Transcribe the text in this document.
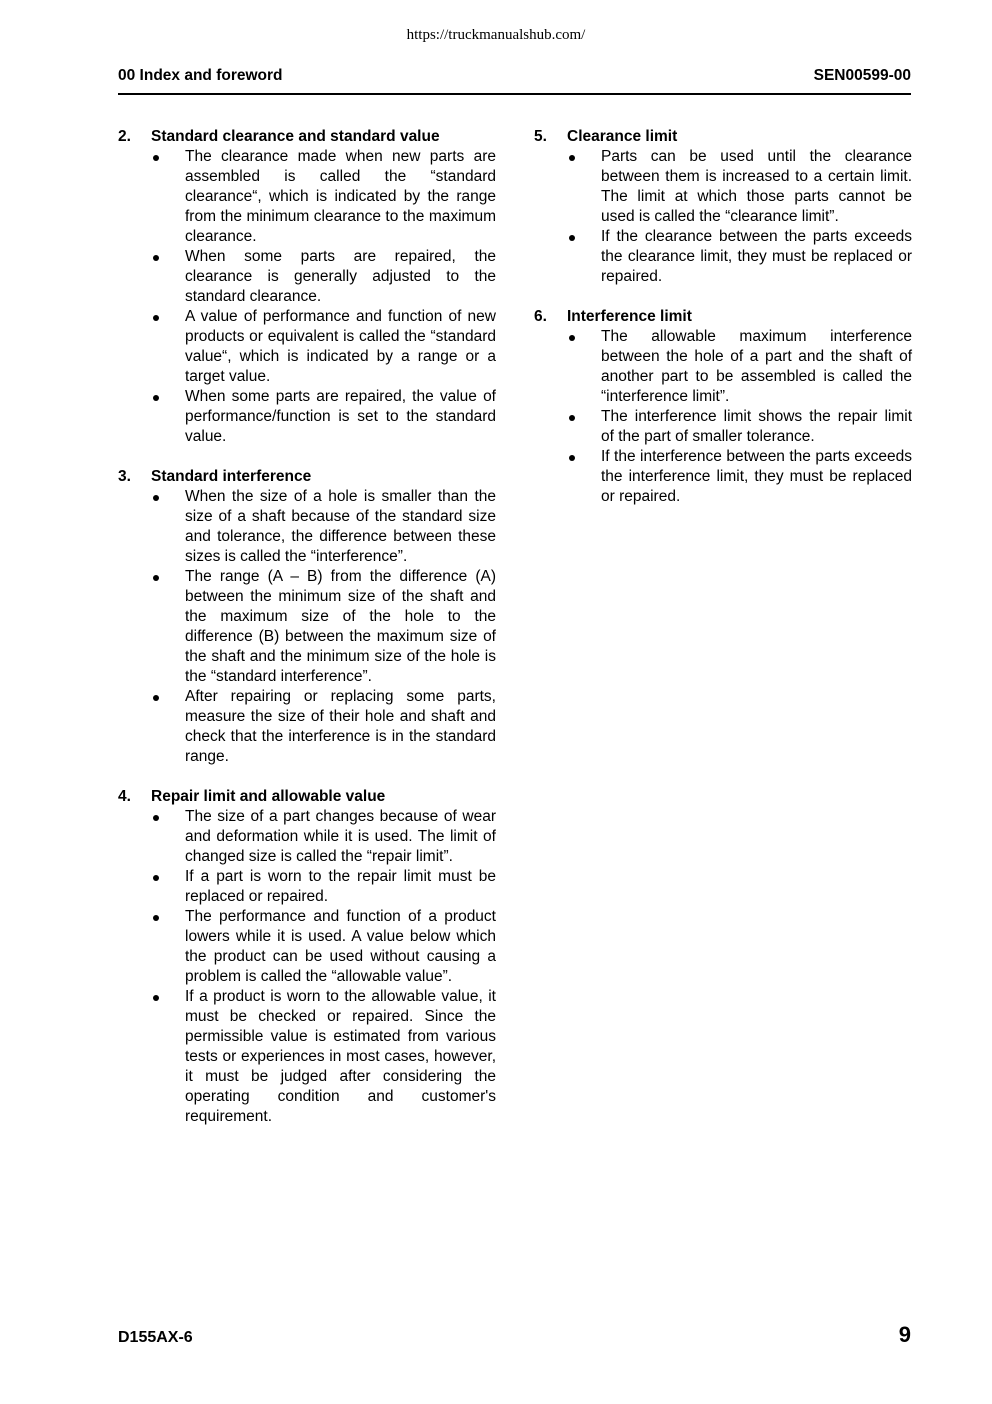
https://truckmanualshub.com/
00 Index and foreword	SEN00599-00
2.	Standard clearance and standard value
The clearance made when new parts are assembled is called the “standard clearance“, which is indicated by the range from the minimum clearance to the maximum clearance.
When some parts are repaired, the clearance is generally adjusted to the standard clearance.
A value of performance and function of new products or equivalent is called the “standard value“, which is indicated by a range or a target value.
When some parts are repaired, the value of performance/function is set to the standard value.
3.	Standard interference
When the size of a hole is smaller than the size of a shaft because of the standard size and tolerance, the difference between these sizes is called the “interference”.
The range (A – B) from the difference (A) between the minimum size of the shaft and the maximum size of the hole to the difference (B) between the maximum size of the shaft and the minimum size of the hole is the “standard interference”.
After repairing or replacing some parts, measure the size of their hole and shaft and check that the interference is in the standard range.
4.	Repair limit and allowable value
The size of a part changes because of wear and deformation while it is used. The limit of changed size is called the “repair limit”.
If a part is worn to the repair limit must be replaced or repaired.
The performance and function of a product lowers while it is used. A value below which the product can be used without causing a problem is called the “allowable value”.
If a product is worn to the allowable value, it must be checked or repaired. Since the permissible value is estimated from various tests or experiences in most cases, however, it must be judged after considering the operating condition and customer's requirement.
5.	Clearance limit
Parts can be used until the clearance between them is increased to a certain limit. The limit at which those parts cannot be used is called the “clearance limit”.
If the clearance between the parts exceeds the clearance limit, they must be replaced or repaired.
6.	Interference limit
The allowable maximum interference between the hole of a part and the shaft of another part to be assembled is called the “interference limit”.
The interference limit shows the repair limit of the part of smaller tolerance.
If the interference between the parts exceeds the interference limit, they must be replaced or repaired.
D155AX-6	9
